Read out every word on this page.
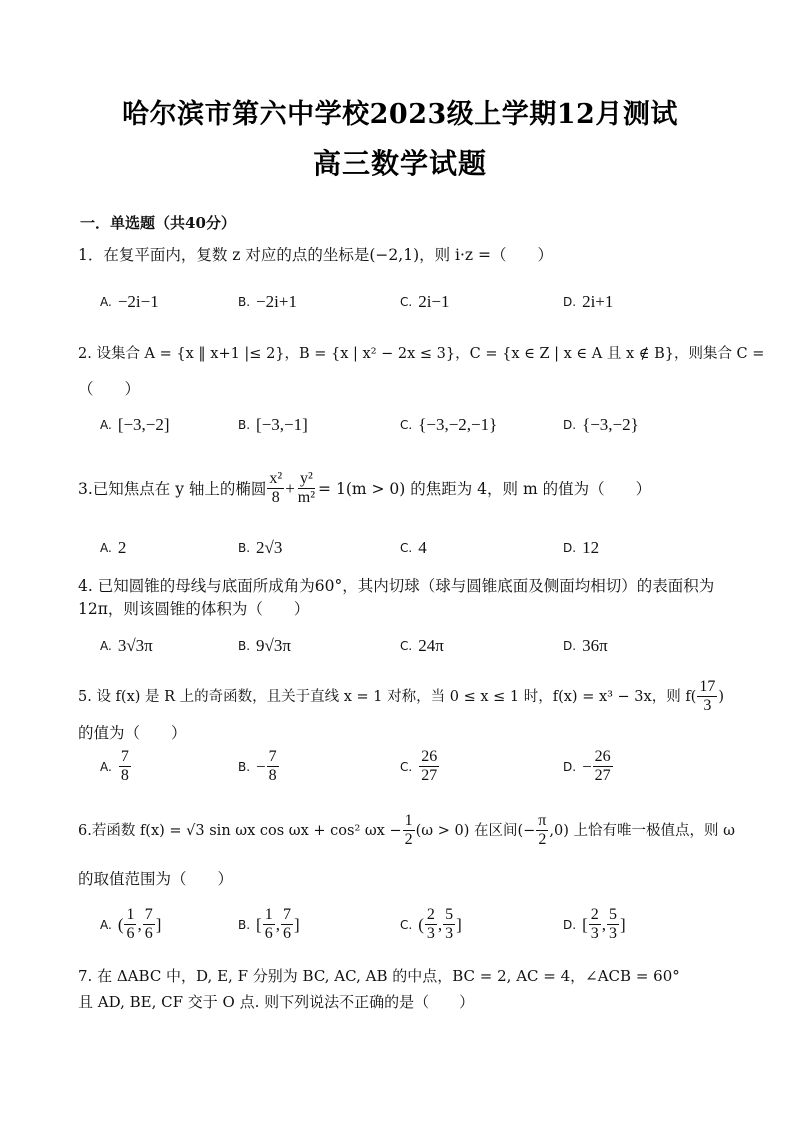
哈尔滨市第六中学校2023级上学期12月测试
高三数学试题
一．单选题（共40分）
1．在复平面内，复数 z 对应的点的坐标是(−2,1)，则 i·z =（　　）
A. −2i−1	B. −2i+1	C. 2i−1	D. 2i+1
2. 设集合 A = {x ‖ x+1 |≤ 2}，B = {x | x² − 2x ≤ 3}，C = {x ∈ Z | x ∈ A 且 x ∉ B}，则集合 C =
（　　）
A. [−3,−2]	B. [−3,−1]	C. {−3,−2,−1}	D. {−3,−2}
3.已知焦点在 y 轴上的椭圆 $\frac{\text{x²}}{8} + \frac{\text{y²}}{\text{m²}} = 1(m > 0)$ 的焦距为 4，则 m 的值为（　　）
A. 2	B. 2√3	C. 4	D. 12
4. 已知圆锥的母线与底面所成角为60°，其内切球（球与圆锥底面及侧面均相切）的表面积为
12π，则该圆锥的体积为（　　）
A. 3√3π	B. 9√3π	C. 24π	D. 36π
5. 设 f(x) 是 R 上的奇函数，且关于直线 x = 1 对称，当 0 ≤ x ≤ 1 时，f(x) = x³ − 3x，则 $f( \frac{17}{3}$ )
的值为（　　）
A. $\frac{7}{8}$	B. − $\frac{7}{8}$	C. $\frac{26}{27}$	D. − $\frac{26}{27}$
6.若函数 f(x) = √3 sin ωx cos ωx + cos² $\omega x - \frac{1}{2} (\omega > 0)$ 在区间(− $\frac{\pi}{2} ,0$) 上恰有唯一极值点，则 ω
的取值范围为（　　）
A. ( $\frac{1}{6}$ , $\frac{7}{6}$ ]	B. [ $\frac{1}{6}$ , $\frac{7}{6}$ ]	C. ( $\frac{2}{3}$ , $\frac{5}{3}$ ]	D. [ $\frac{2}{3}$ , $\frac{5}{3}$ ]
7. 在 ΔABC 中，D, E, F 分别为 BC, AC, AB 的中点，BC = 2, AC = 4，∠ACB = 60°
且 AD, BE, CF 交于 O 点. 则下列说法不正确的是（　　）
